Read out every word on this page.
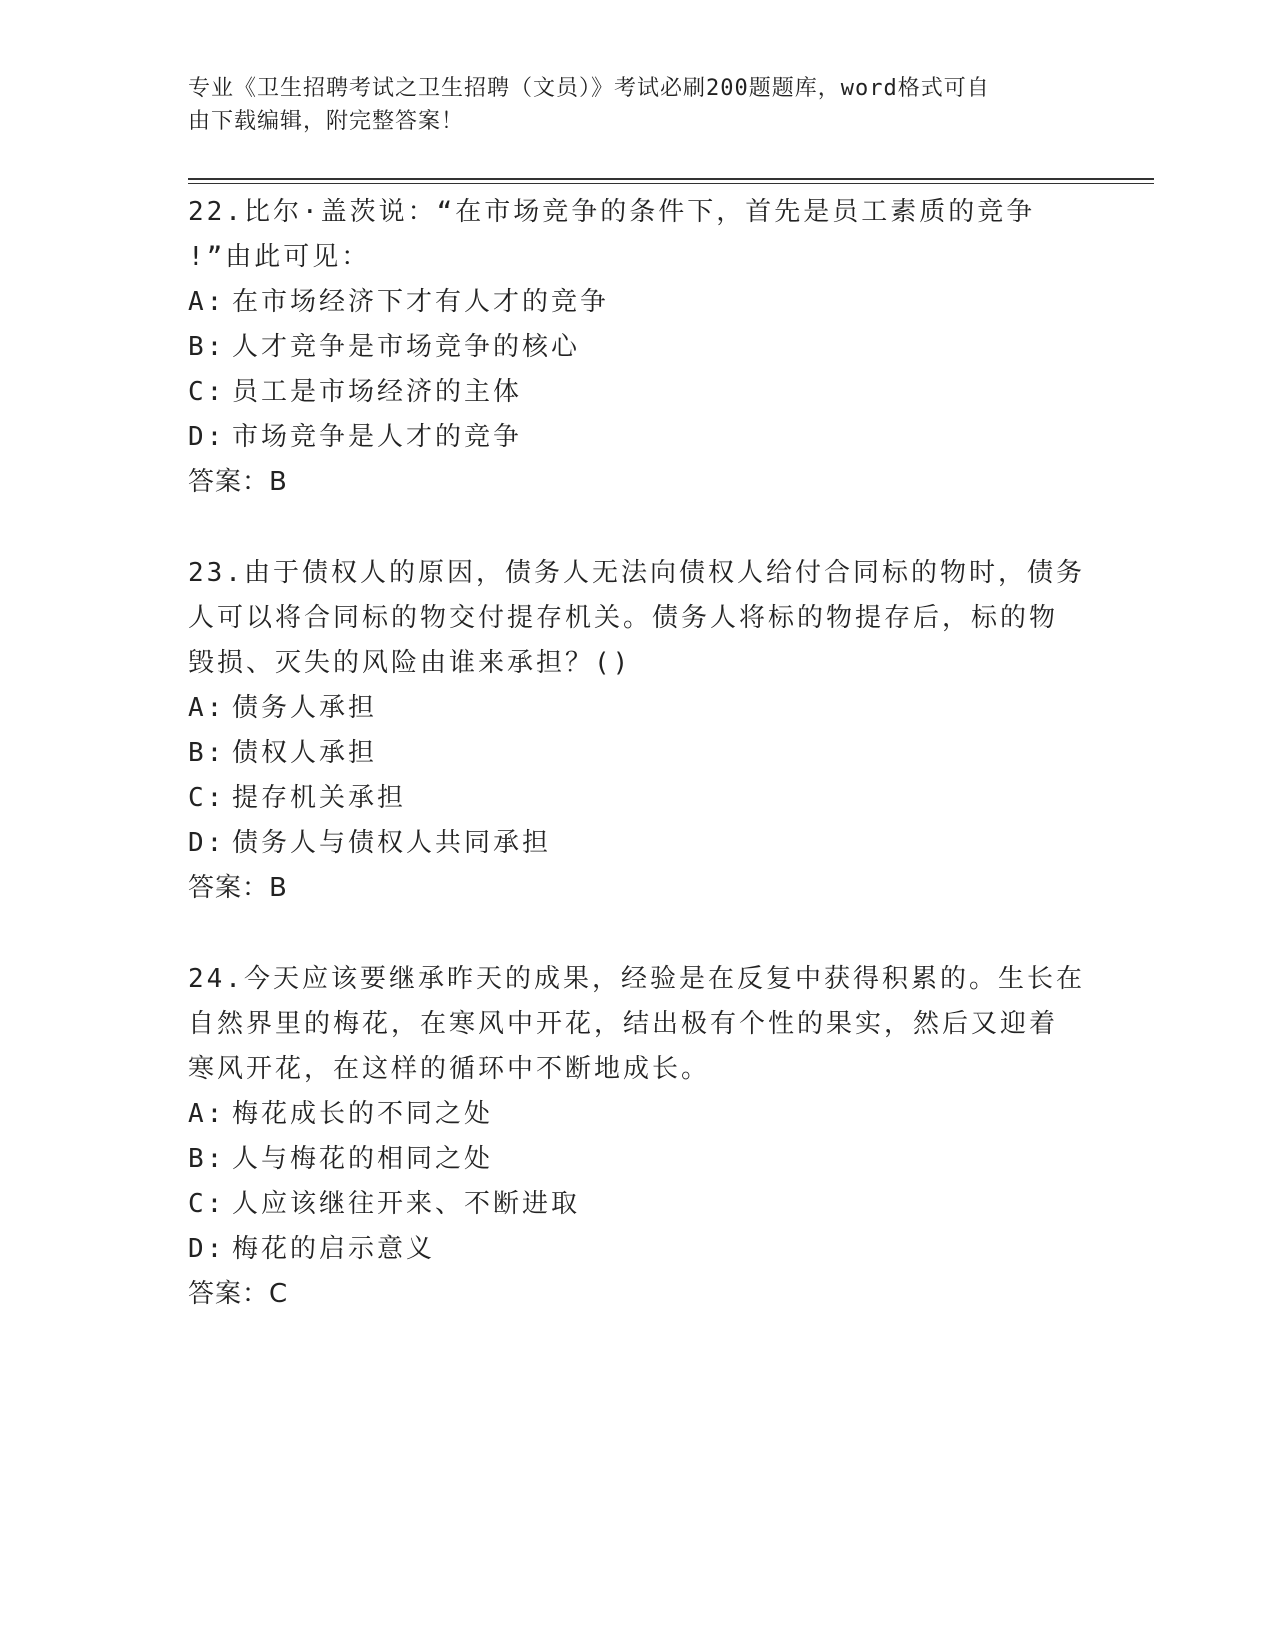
专业《卫生招聘考试之卫生招聘（文员）》考试必刷200题题库，word格式可自
由下载编辑，附完整答案！

22.比尔·盖茨说：“在市场竞争的条件下，首先是员工素质的竞争

!”由此可见：

A: 在市场经济下才有人才的竞争
B: 人才竞争是市场竞争的核心
C: 员工是市场经济的主体
D: 市场竞争是人才的竞争

答案：B

23.由于债权人的原因，债务人无法向债权人给付合同标的物时，债务

人可以将合同标的物交付提存机关。债务人将标的物提存后，标的物

毁损、灭失的风险由谁来承担？()

A: 债务人承担
B: 债权人承担
C: 提存机关承担
D: 债务人与债权人共同承担

答案：B

24.今天应该要继承昨天的成果，经验是在反复中获得积累的。生长在

自然界里的梅花，在寒风中开花，结出极有个性的果实，然后又迎着

寒风开花，在这样的循环中不断地成长。

A: 梅花成长的不同之处
B: 人与梅花的相同之处
C: 人应该继往开来、不断进取
D: 梅花的启示意义

答案：C
